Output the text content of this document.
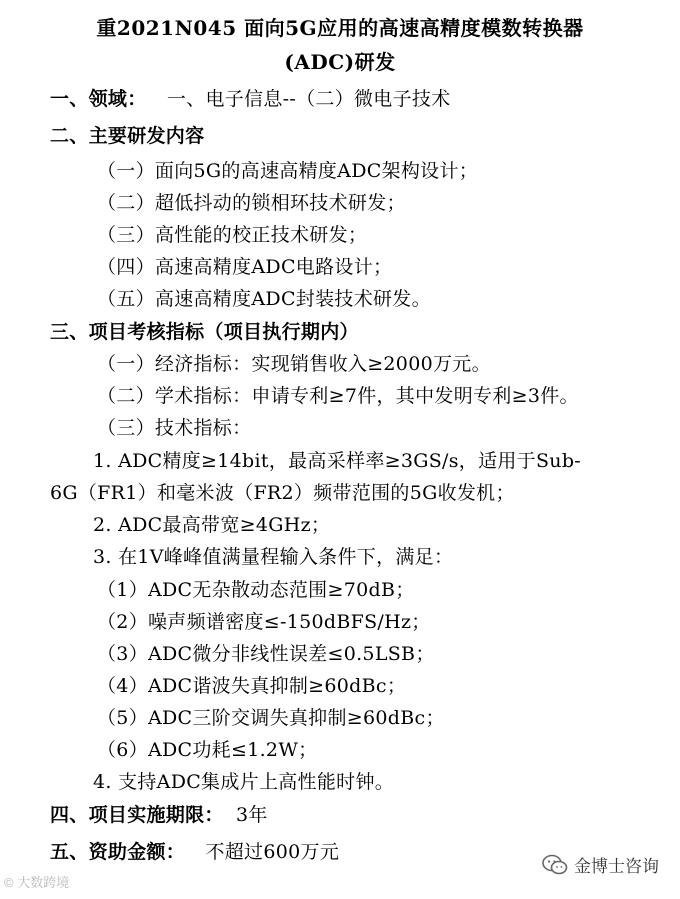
重2021N045 面向5G应用的高速高精度模数转换器
(ADC)研发
一、领域： 一、电子信息--（二）微电子技术
二、主要研发内容
（一）面向5G的高速高精度ADC架构设计；
（二）超低抖动的锁相环技术研发；
（三）高性能的校正技术研发；
（四）高速高精度ADC电路设计；
（五）高速高精度ADC封装技术研发。
三、项目考核指标（项目执行期内）
（一）经济指标：实现销售收入≥2000万元。
（二）学术指标：申请专利≥7件，其中发明专利≥3件。
（三）技术指标：
1. ADC精度≥14bit，最高采样率≥3GS/s，适用于Sub-
6G（FR1）和毫米波（FR2）频带范围的5G收发机；
2. ADC最高带宽≥4GHz；
3. 在1V峰峰值满量程输入条件下，满足：
（1）ADC无杂散动态范围≥70dB；
（2）噪声频谱密度≤-150dBFS/Hz；
（3）ADC微分非线性误差≤0.5LSB；
（4）ADC谐波失真抑制≥60dBc；
（5）ADC三阶交调失真抑制≥60dBc；
（6）ADC功耗≤1.2W；
4. 支持ADC集成片上高性能时钟。
四、项目实施期限： 3年
五、资助金额： 不超过600万元
© 大数跨境
金博士咨询
